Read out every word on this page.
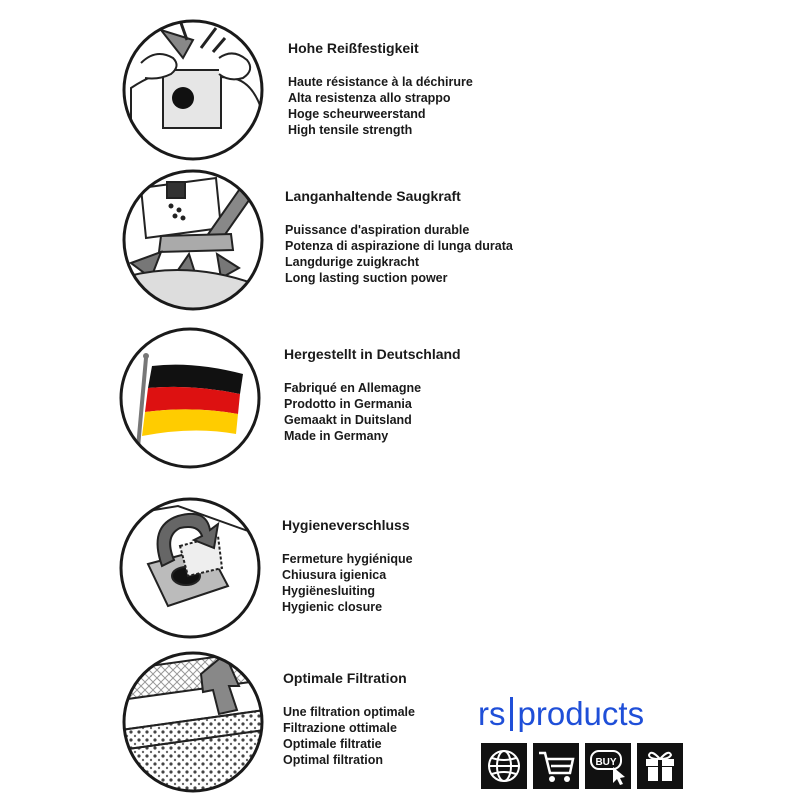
Hohe Reißfestigkeit
Haute résistance à la déchirure
Alta resistenza allo strappo
Hoge scheurweerstand
High tensile strength
Langanhaltende Saugkraft
Puissance d'aspiration durable
Potenza di aspirazione di lunga durata
Langdurige zuigkracht
Long lasting suction power
Hergestellt in Deutschland
Fabriqué en Allemagne
Prodotto in Germania
Gemaakt in Duitsland
Made in Germany
Hygieneverschluss
Fermeture hygiénique
Chiusura igienica
Hygiënesluiting
Hygienic closure
Optimale Filtration
Une filtration optimale
Filtrazione ottimale
Optimale filtratie
Optimal filtration
rs products
BUY
